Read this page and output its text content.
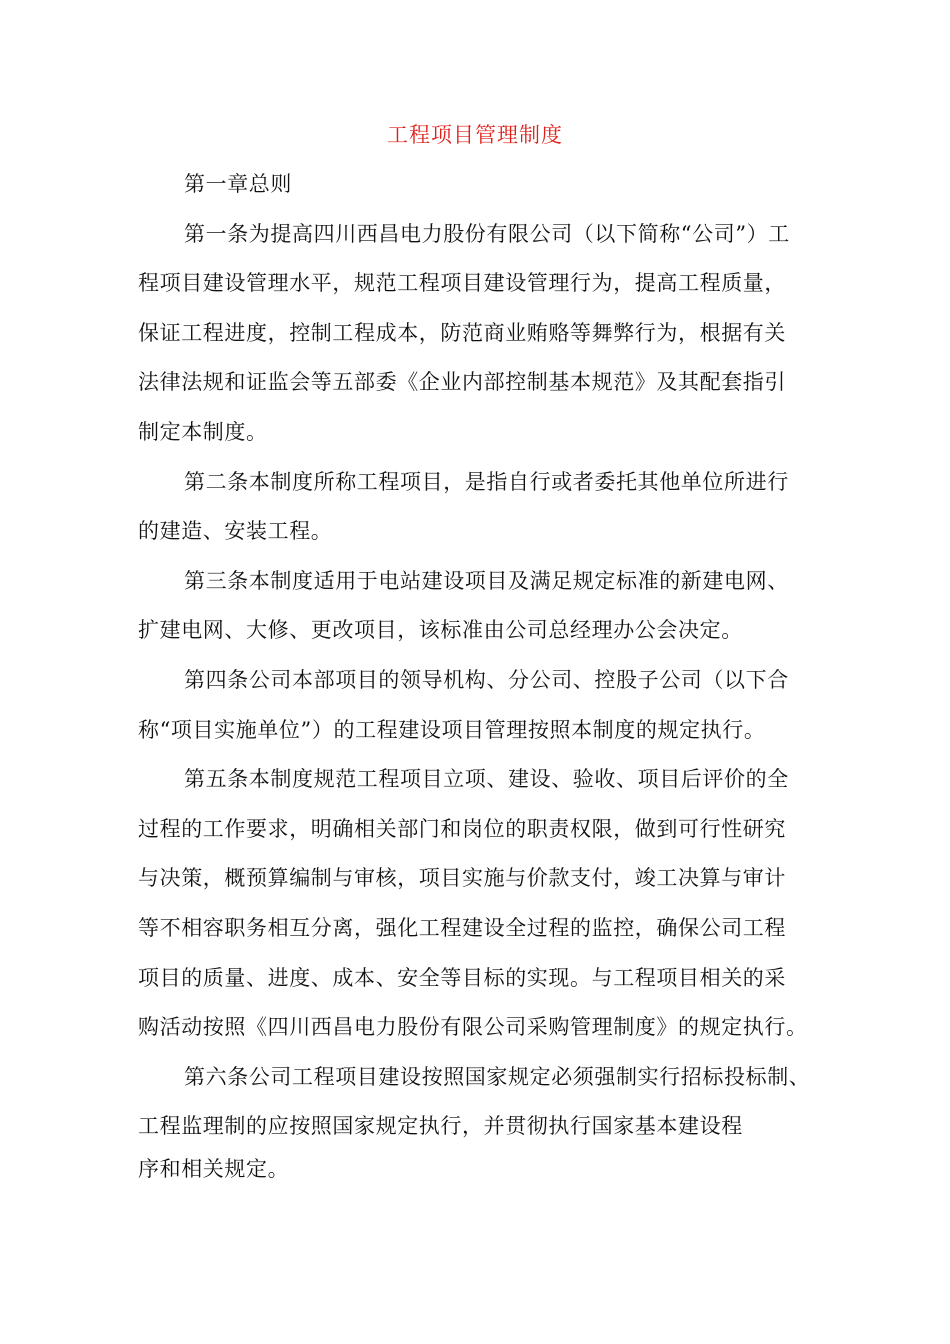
工程项目管理制度
第一章总则
第一条为提高四川西昌电力股份有限公司（以下简称“公司”）工
程项目建设管理水平，规范工程项目建设管理行为，提高工程质量，
保证工程进度，控制工程成本，防范商业贿赂等舞弊行为，根据有关
法律法规和证监会等五部委《企业内部控制基本规范》及其配套指引
制定本制度。
第二条本制度所称工程项目，是指自行或者委托其他单位所进行
的建造、安装工程。
第三条本制度适用于电站建设项目及满足规定标准的新建电网、
扩建电网、大修、更改项目，该标准由公司总经理办公会决定。
第四条公司本部项目的领导机构、分公司、控股子公司（以下合
称“项目实施单位”）的工程建设项目管理按照本制度的规定执行。
第五条本制度规范工程项目立项、建设、验收、项目后评价的全
过程的工作要求，明确相关部门和岗位的职责权限，做到可行性研究
与决策，概预算编制与审核，项目实施与价款支付，竣工决算与审计
等不相容职务相互分离，强化工程建设全过程的监控，确保公司工程
项目的质量、进度、成本、安全等目标的实现。与工程项目相关的采
购活动按照《四川西昌电力股份有限公司采购管理制度》的规定执行。
第六条公司工程项目建设按照国家规定必须强制实行招标投标制、
工程监理制的应按照国家规定执行，并贯彻执行国家基本建设程
序和相关规定。
